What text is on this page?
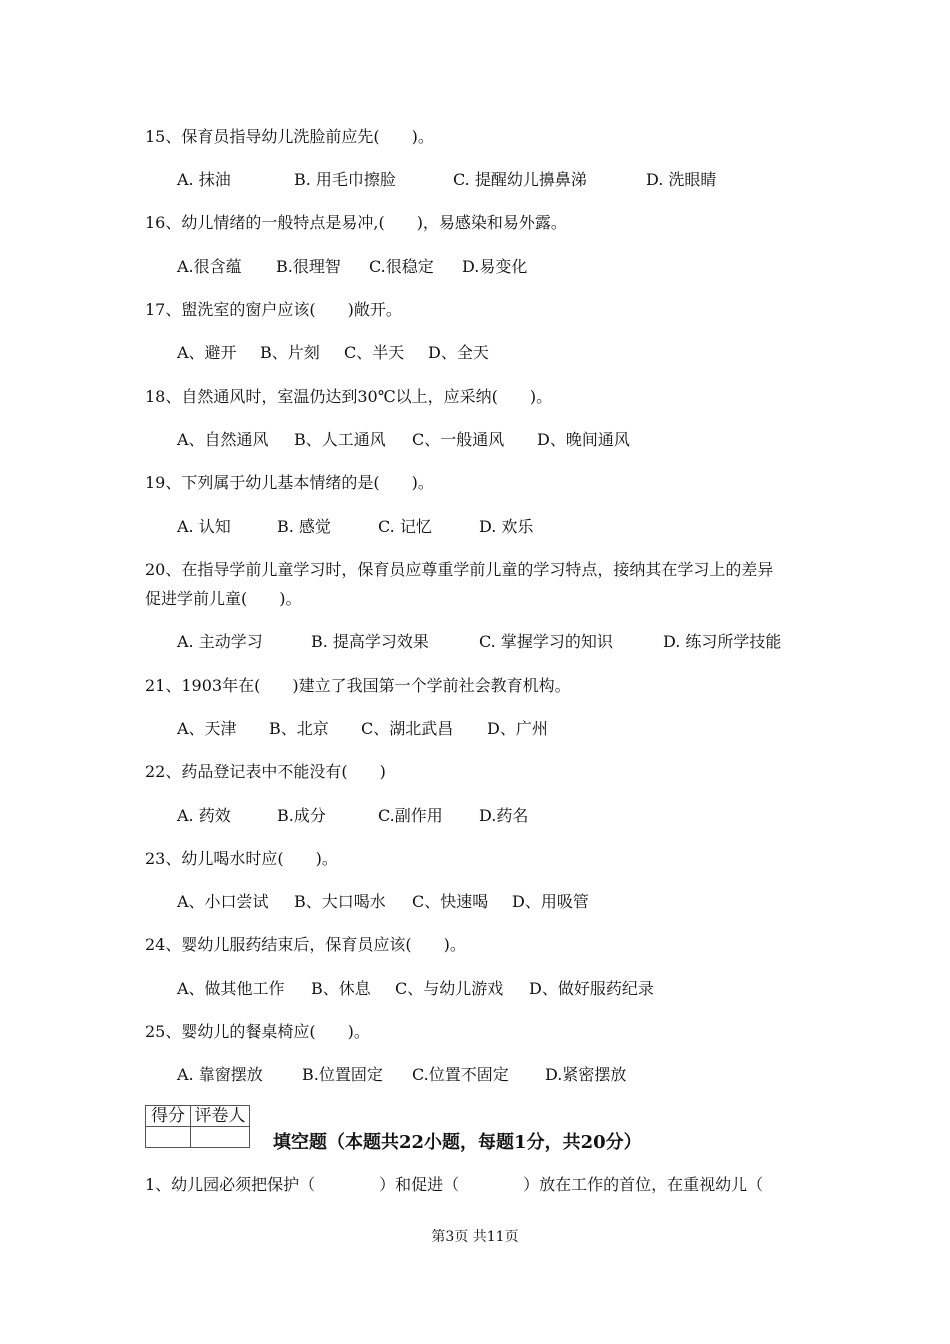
15、保育员指导幼儿洗脸前应先(　　)。
A. 抹油	B. 用毛巾擦脸	C. 提醒幼儿擤鼻涕	D. 洗眼睛
16、幼儿情绪的一般特点是易冲,(　　)，易感染和易外露。
A.很含蕴 B.很理智 C.很稳定 D.易变化
17、盥洗室的窗户应该(　　)敞开。
A、避开 B、片刻 C、半天 D、全天
18、自然通风时，室温仍达到30℃以上，应采纳(　　)。
A、自然通风 B、人工通风 C、一般通风 D、晚间通风
19、下列属于幼儿基本情绪的是(　　)。
A. 认知	B. 感觉	C. 记忆	D. 欢乐
20、在指导学前儿童学习时，保育员应尊重学前儿童的学习特点，接纳其在学习上的差异
促进学前儿童(　　)。
A. 主动学习	B. 提高学习效果	C. 掌握学习的知识	D. 练习所学技能
21、1903年在(　　)建立了我国第一个学前社会教育机构。
A、天津 B、北京 C、湖北武昌 D、广州
22、药品登记表中不能没有(　　)
A. 药效	B.成分	C.副作用 D.药名
23、幼儿喝水时应(　　)。
A、小口尝试 B、大口喝水 C、快速喝 D、用吸管
24、婴幼儿服药结束后，保育员应该(　　)。
A、做其他工作 B、休息 C、与幼儿游戏 D、做好服药纪录
25、婴幼儿的餐桌椅应(　　)。
A. 靠窗摆放 B.位置固定 C.位置不固定 D.紧密摆放
得分	评卷人

填空题（本题共22小题，每题1分，共20分）
1、幼儿园必须把保护（　　　　）和促进（　　　　）放在工作的首位，在重视幼儿（
第3页 共11页
